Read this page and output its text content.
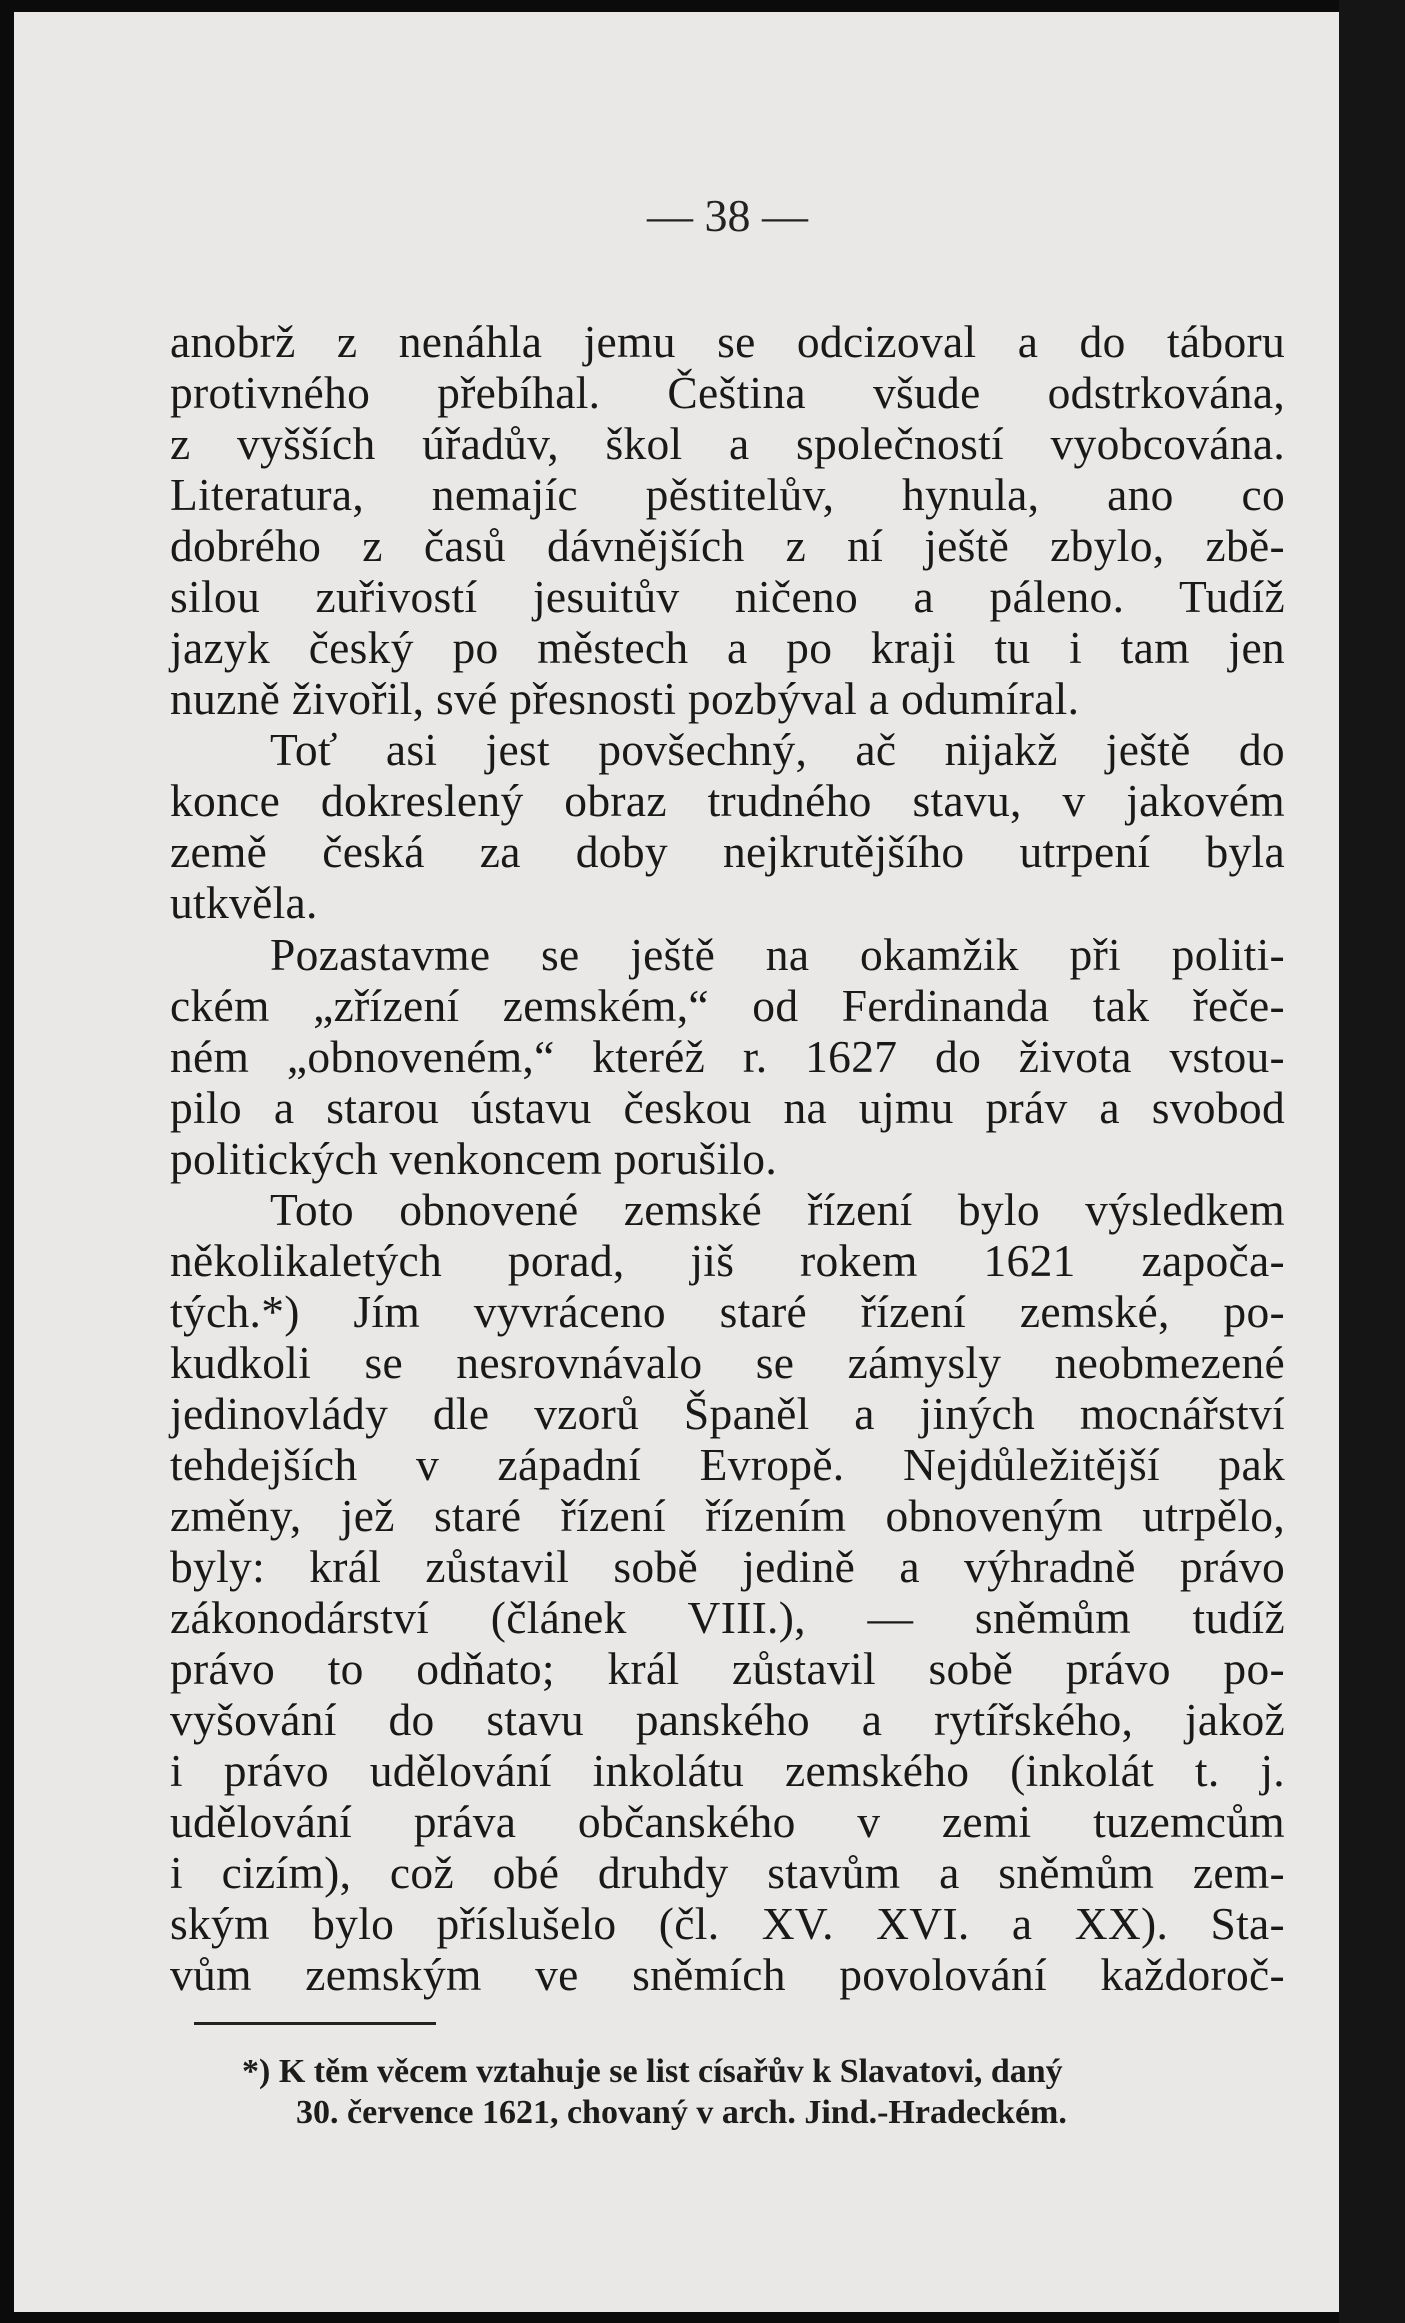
— 38 —
anobrž z nenáhla jemu se odcizoval a do táboru
protivného přebíhal. Čeština všude odstrkována,
z vyšších úřadův, škol a společností vyobcována.
Literatura, nemajíc pěstitelův, hynula, ano co
dobrého z časů dávnějších z ní ještě zbylo, zbě-
silou zuřivostí jesuitův ničeno a páleno. Tudíž
jazyk český po městech a po kraji tu i tam jen
nuzně živořil, své přesnosti pozbýval a odumíral.
Toť asi jest povšechný, ač nijakž ještě do
konce dokreslený obraz trudného stavu, v jakovém
země česká za doby nejkrutějšího utrpení byla
utkvěla.
Pozastavme se ještě na okamžik při politi-
ckém „zřízení zemském,“ od Ferdinanda tak řeče-
ném „obnoveném,“ kteréž r. 1627 do života vstou-
pilo a starou ústavu českou na ujmu práv a svobod
politických venkoncem porušilo.
Toto obnovené zemské řízení bylo výsledkem
několikaletých porad, jiš rokem 1621 započa-
tých.*) Jím vyvráceno staré řízení zemské, po-
kudkoli se nesrovnávalo se zámysly neobmezené
jedinovlády dle vzorů Španěl a jiných mocnářství
tehdejších v západní Evropě. Nejdůležitější pak
změny, jež staré řízení řízením obnoveným utrpělo,
byly: král zůstavil sobě jedině a výhradně právo
zákonodárství (článek VIII.), — sněmům tudíž
právo to odňato; král zůstavil sobě právo po-
vyšování do stavu panského a rytířského, jakož
i právo udělování inkolátu zemského (inkolát t. j.
udělování práva občanského v zemi tuzemcům
i cizím), což obé druhdy stavům a sněmům zem-
ským bylo příslušelo (čl. XV. XVI. a XX). Sta-
vům zemským ve sněmích povolování každoroč-
*) K těm věcem vztahuje se list císařův k Slavatovi, daný
30. července 1621, chovaný v arch. Jind.-Hradeckém.
